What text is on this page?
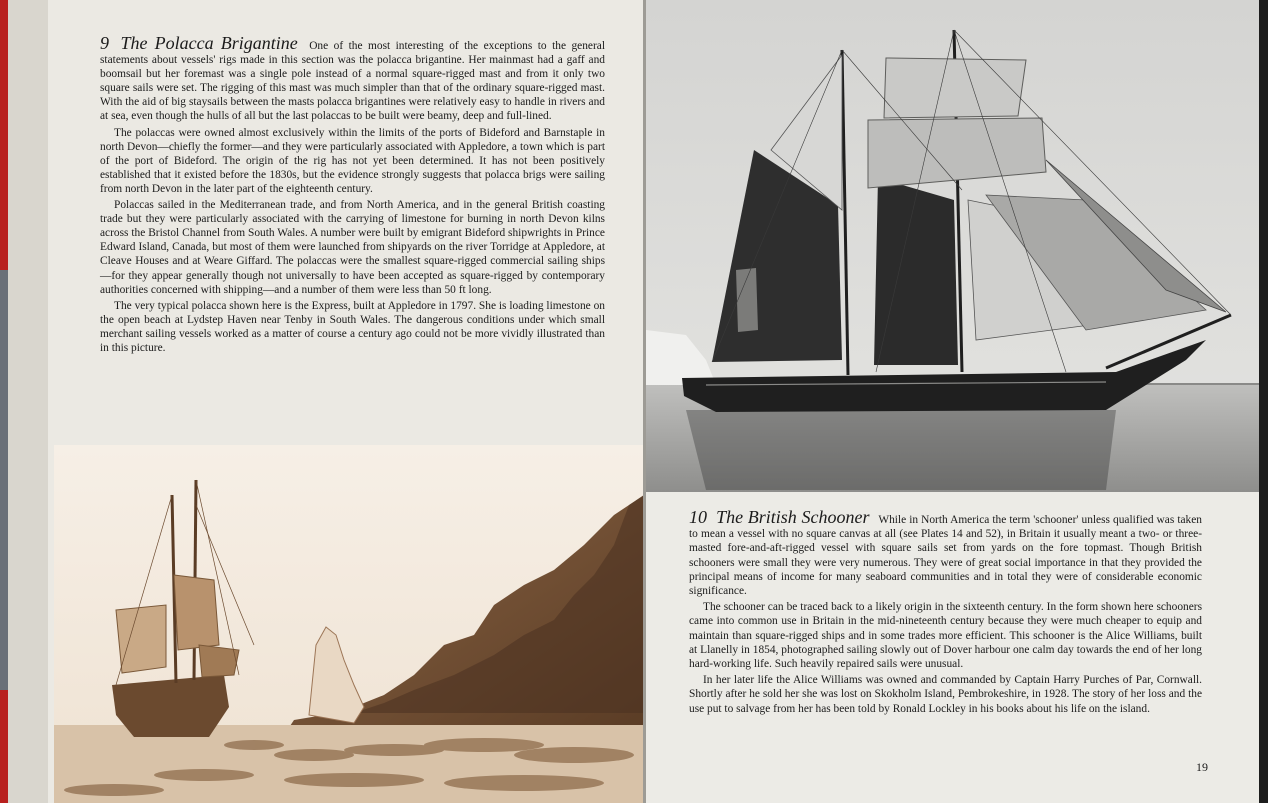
9 The Polacca Brigantine One of the most interesting of the exceptions to the general statements about vessels' rigs made in this section was the polacca brigantine. Her mainmast had a gaff and boomsail but her foremast was a single pole instead of a normal square-rigged mast and from it only two square sails were set. The rigging of this mast was much simpler than that of the ordinary square-rigged mast. With the aid of big staysails between the masts polacca brigantines were relatively easy to handle in rivers and at sea, even though the hulls of all but the last polaccas to be built were beamy, deep and full-lined.

The polaccas were owned almost exclusively within the limits of the ports of Bideford and Barnstaple in north Devon—chiefly the former—and they were particularly associated with Appledore, a town which is part of the port of Bideford. The origin of the rig has not yet been determined. It has not been positively established that it existed before the 1830s, but the evidence strongly suggests that polacca brigs were sailing from north Devon in the later part of the eighteenth century.

Polaccas sailed in the Mediterranean trade, and from North America, and in the general British coasting trade but they were particularly associated with the carrying of limestone for burning in north Devon kilns across the Bristol Channel from South Wales. A number were built by emigrant Bideford shipwrights in Prince Edward Island, Canada, but most of them were launched from shipyards on the river Torridge at Appledore, at Cleave Houses and at Weare Giffard. The polaccas were the smallest square-rigged commercial sailing ships—for they appear generally though not universally to have been accepted as square-rigged by contemporary authorities concerned with shipping—and a number of them were less than 50 ft long.

The very typical polacca shown here is the Express, built at Appledore in 1797. She is loading limestone on the open beach at Lydstep Haven near Tenby in South Wales. The dangerous conditions under which small merchant sailing vessels worked as a matter of course a century ago could not be more vividly illustrated than in this picture.

10 The British Schooner While in North America the term 'schooner' unless qualified was taken to mean a vessel with no square canvas at all (see Plates 14 and 52), in Britain it usually meant a two- or three-masted fore-and-aft-rigged vessel with square sails set from yards on the fore topmast. Though British schooners were small they were very numerous. They were of great social importance in that they provided the principal means of income for many seaboard communities and in total they were of considerable economic significance.

The schooner can be traced back to a likely origin in the sixteenth century. In the form shown here schooners came into common use in Britain in the mid-nineteenth century because they were much cheaper to equip and maintain than square-rigged ships and in some trades more efficient. This schooner is the Alice Williams, built at Llanelly in 1854, photographed sailing slowly out of Dover harbour one calm day towards the end of her long hard-working life. Such heavily repaired sails were unusual.

In her later life the Alice Williams was owned and commanded by Captain Harry Purches of Par, Cornwall. Shortly after he sold her she was lost on Skokholm Island, Pembrokeshire, in 1928. The story of her loss and the use put to salvage from her has been told by Ronald Lockley in his books about his life on the island.

19
